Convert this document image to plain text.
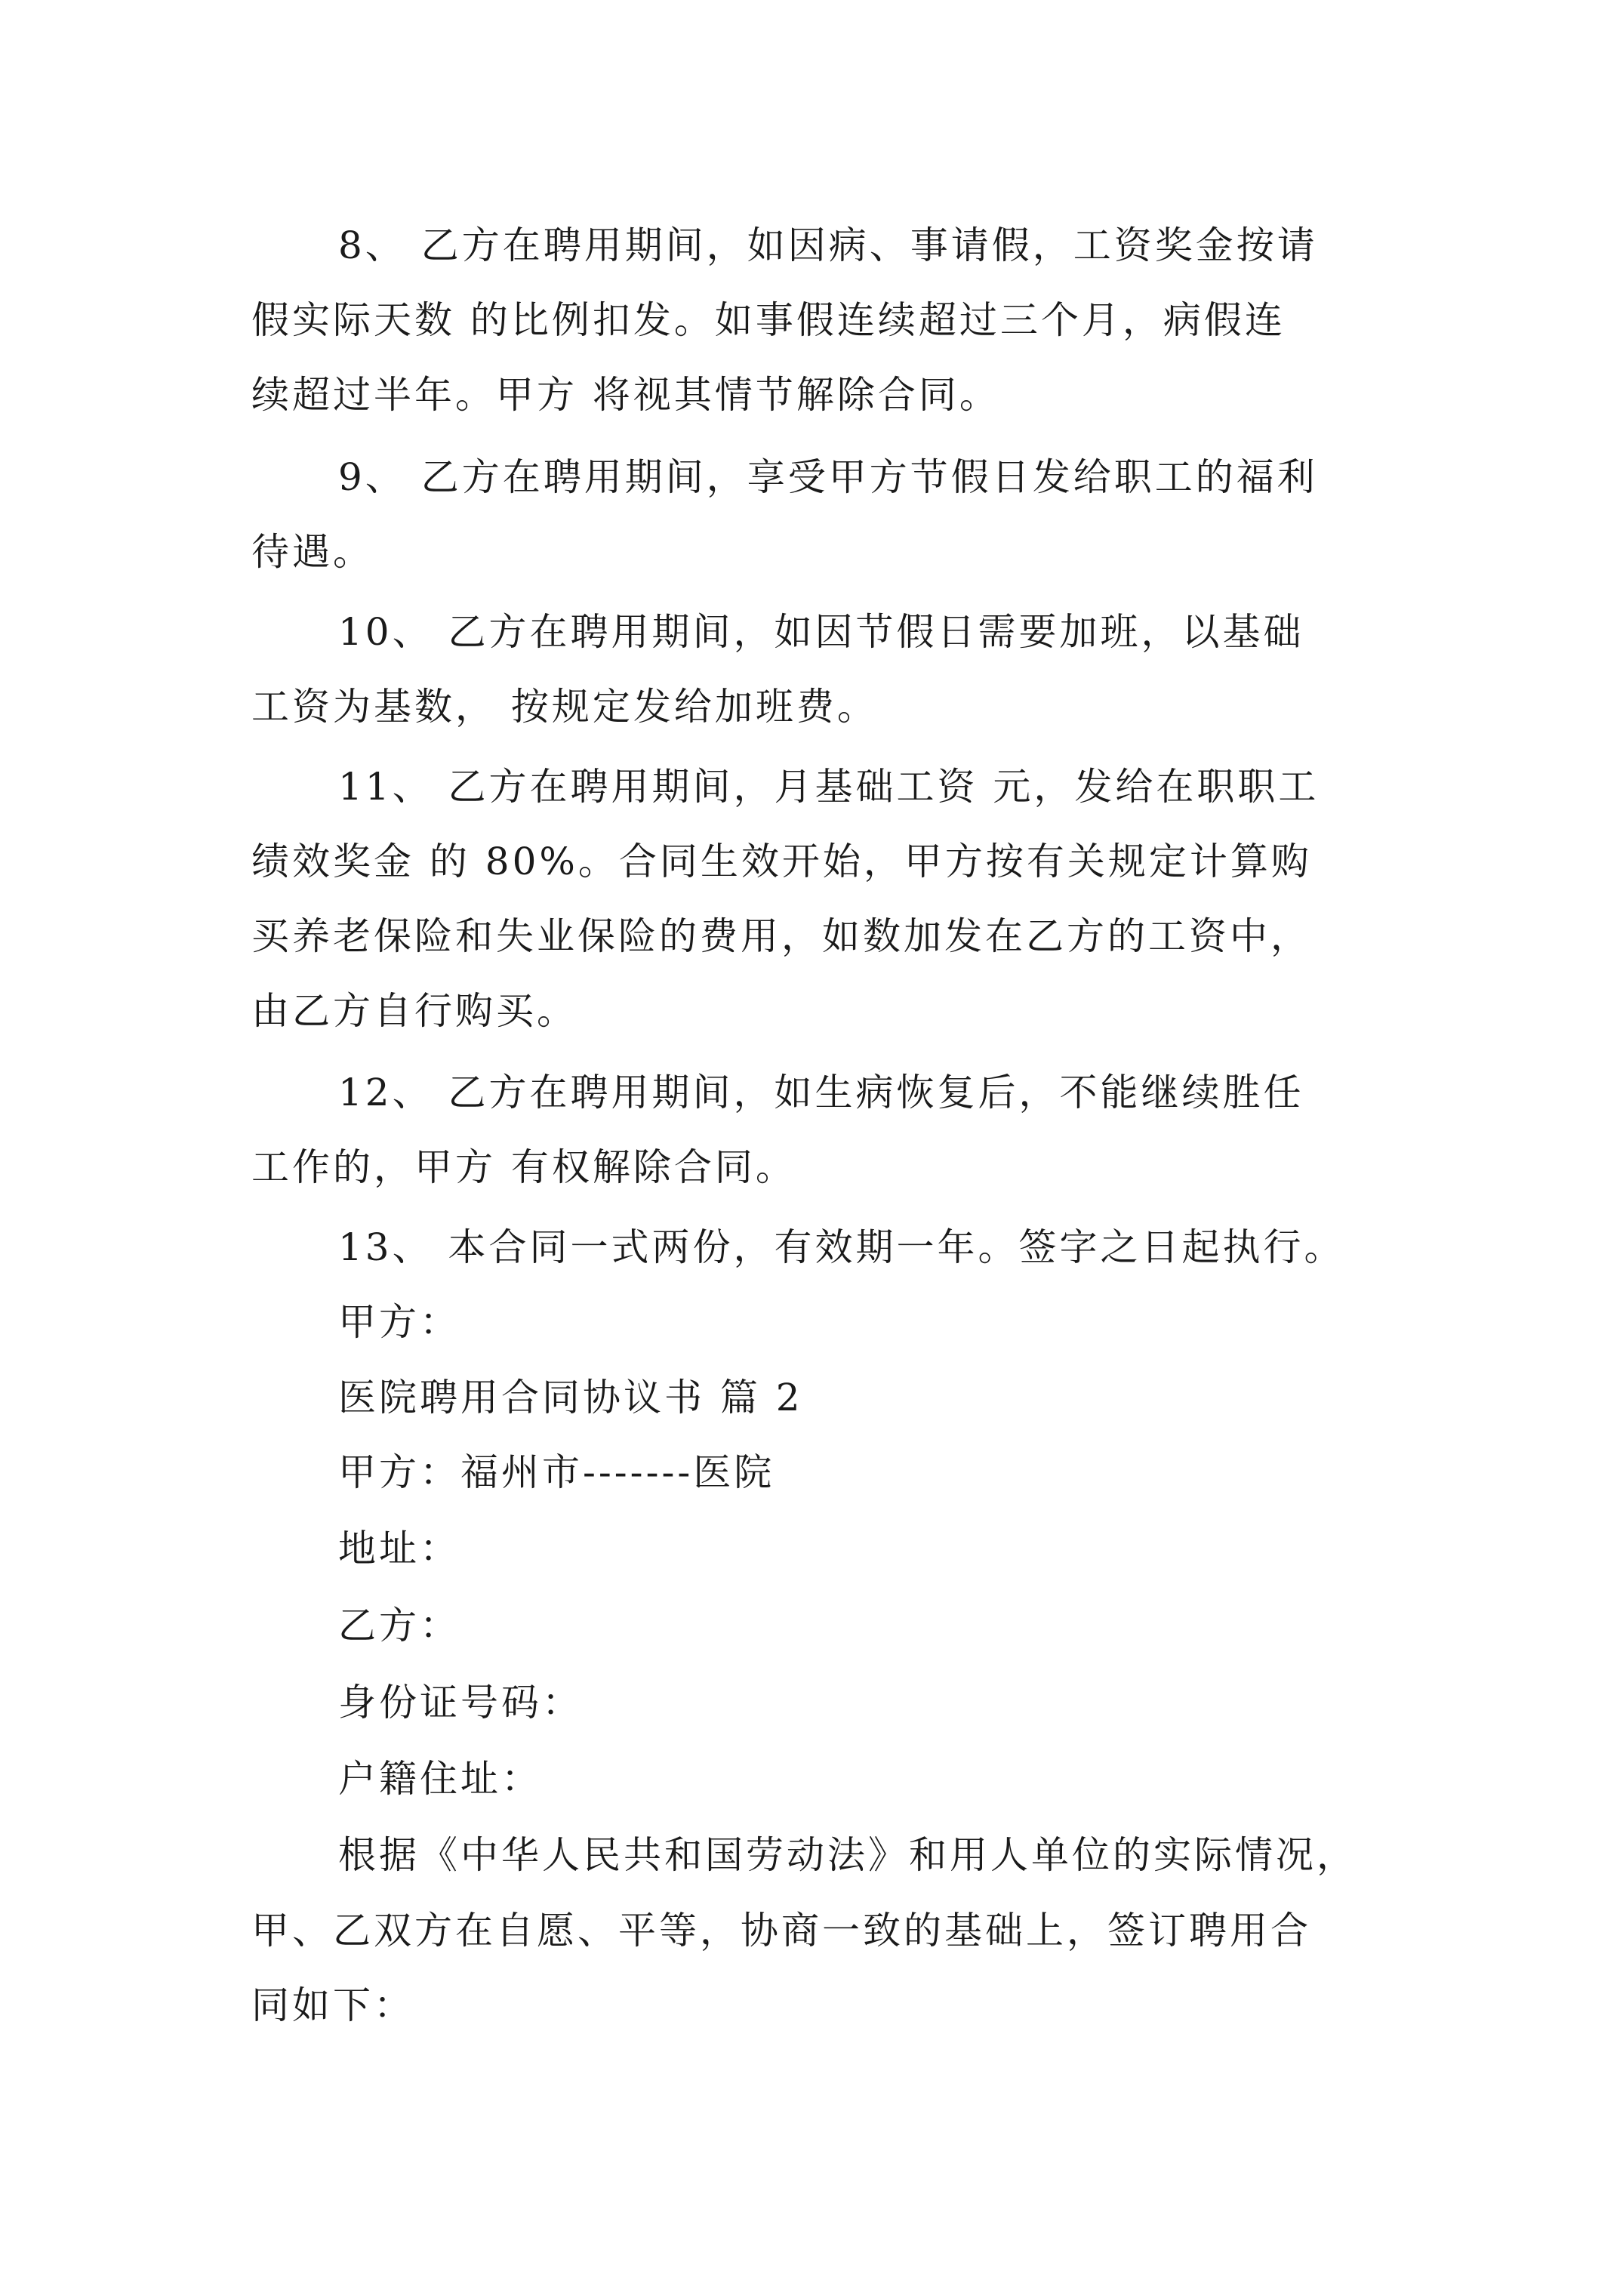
8、 乙方在聘用期间，如因病、事请假，工资奖金按请

假实际天数 的比例扣发。如事假连续超过三个月，病假连

续超过半年。甲方 将视其情节解除合同。

9、 乙方在聘用期间，享受甲方节假日发给职工的福利

待遇。

10、 乙方在聘用期间，如因节假日需要加班，以基础

工资为基数， 按规定发给加班费。

11、 乙方在聘用期间，月基础工资 元，发给在职职工

绩效奖金 的 80%。合同生效开始，甲方按有关规定计算购

买养老保险和失业保险的费用，如数加发在乙方的工资中，

由乙方自行购买。

12、 乙方在聘用期间，如生病恢复后，不能继续胜任

工作的，甲方 有权解除合同。

13、 本合同一式两份，有效期一年。签字之日起执行。

甲方：

医院聘用合同协议书 篇 2

甲方：福州市-------医院

地址：

乙方：

身份证号码：

户籍住址：

根据《中华人民共和国劳动法》和用人单位的实际情况，

甲、乙双方在自愿、平等，协商一致的基础上，签订聘用合

同如下：
